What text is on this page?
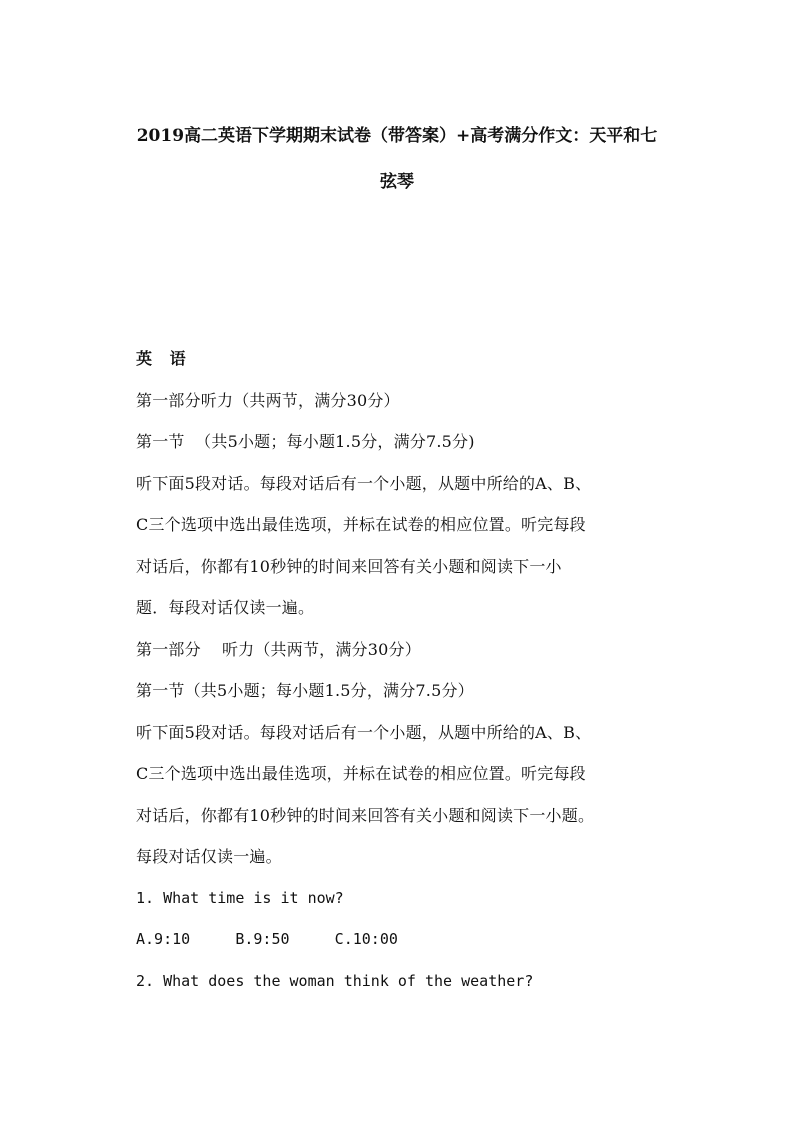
2019高二英语下学期期末试卷（带答案）+高考满分作文：天平和七
弦琴
英 语
第一部分听力（共两节，满分30分）
第一节  （共5小题；每小题1.5分，满分7.5分)
听下面5段对话。每段对话后有一个小题，从题中所给的A、B、
C三个选项中选出最佳选项，并标在试卷的相应位置。听完每段
对话后，你都有10秒钟的时间来回答有关小题和阅读下一小
题．每段对话仅读一遍。
第一部分    听力（共两节，满分30分）
第一节（共5小题；每小题1.5分，满分7.5分）
听下面5段对话。每段对话后有一个小题，从题中所给的A、B、
C三个选项中选出最佳选项，并标在试卷的相应位置。听完每段
对话后，你都有10秒钟的时间来回答有关小题和阅读下一小题。
每段对话仅读一遍。
1. What time is it now?
A.9:10     B.9:50     C.10:00
2. What does the woman think of the weather?
